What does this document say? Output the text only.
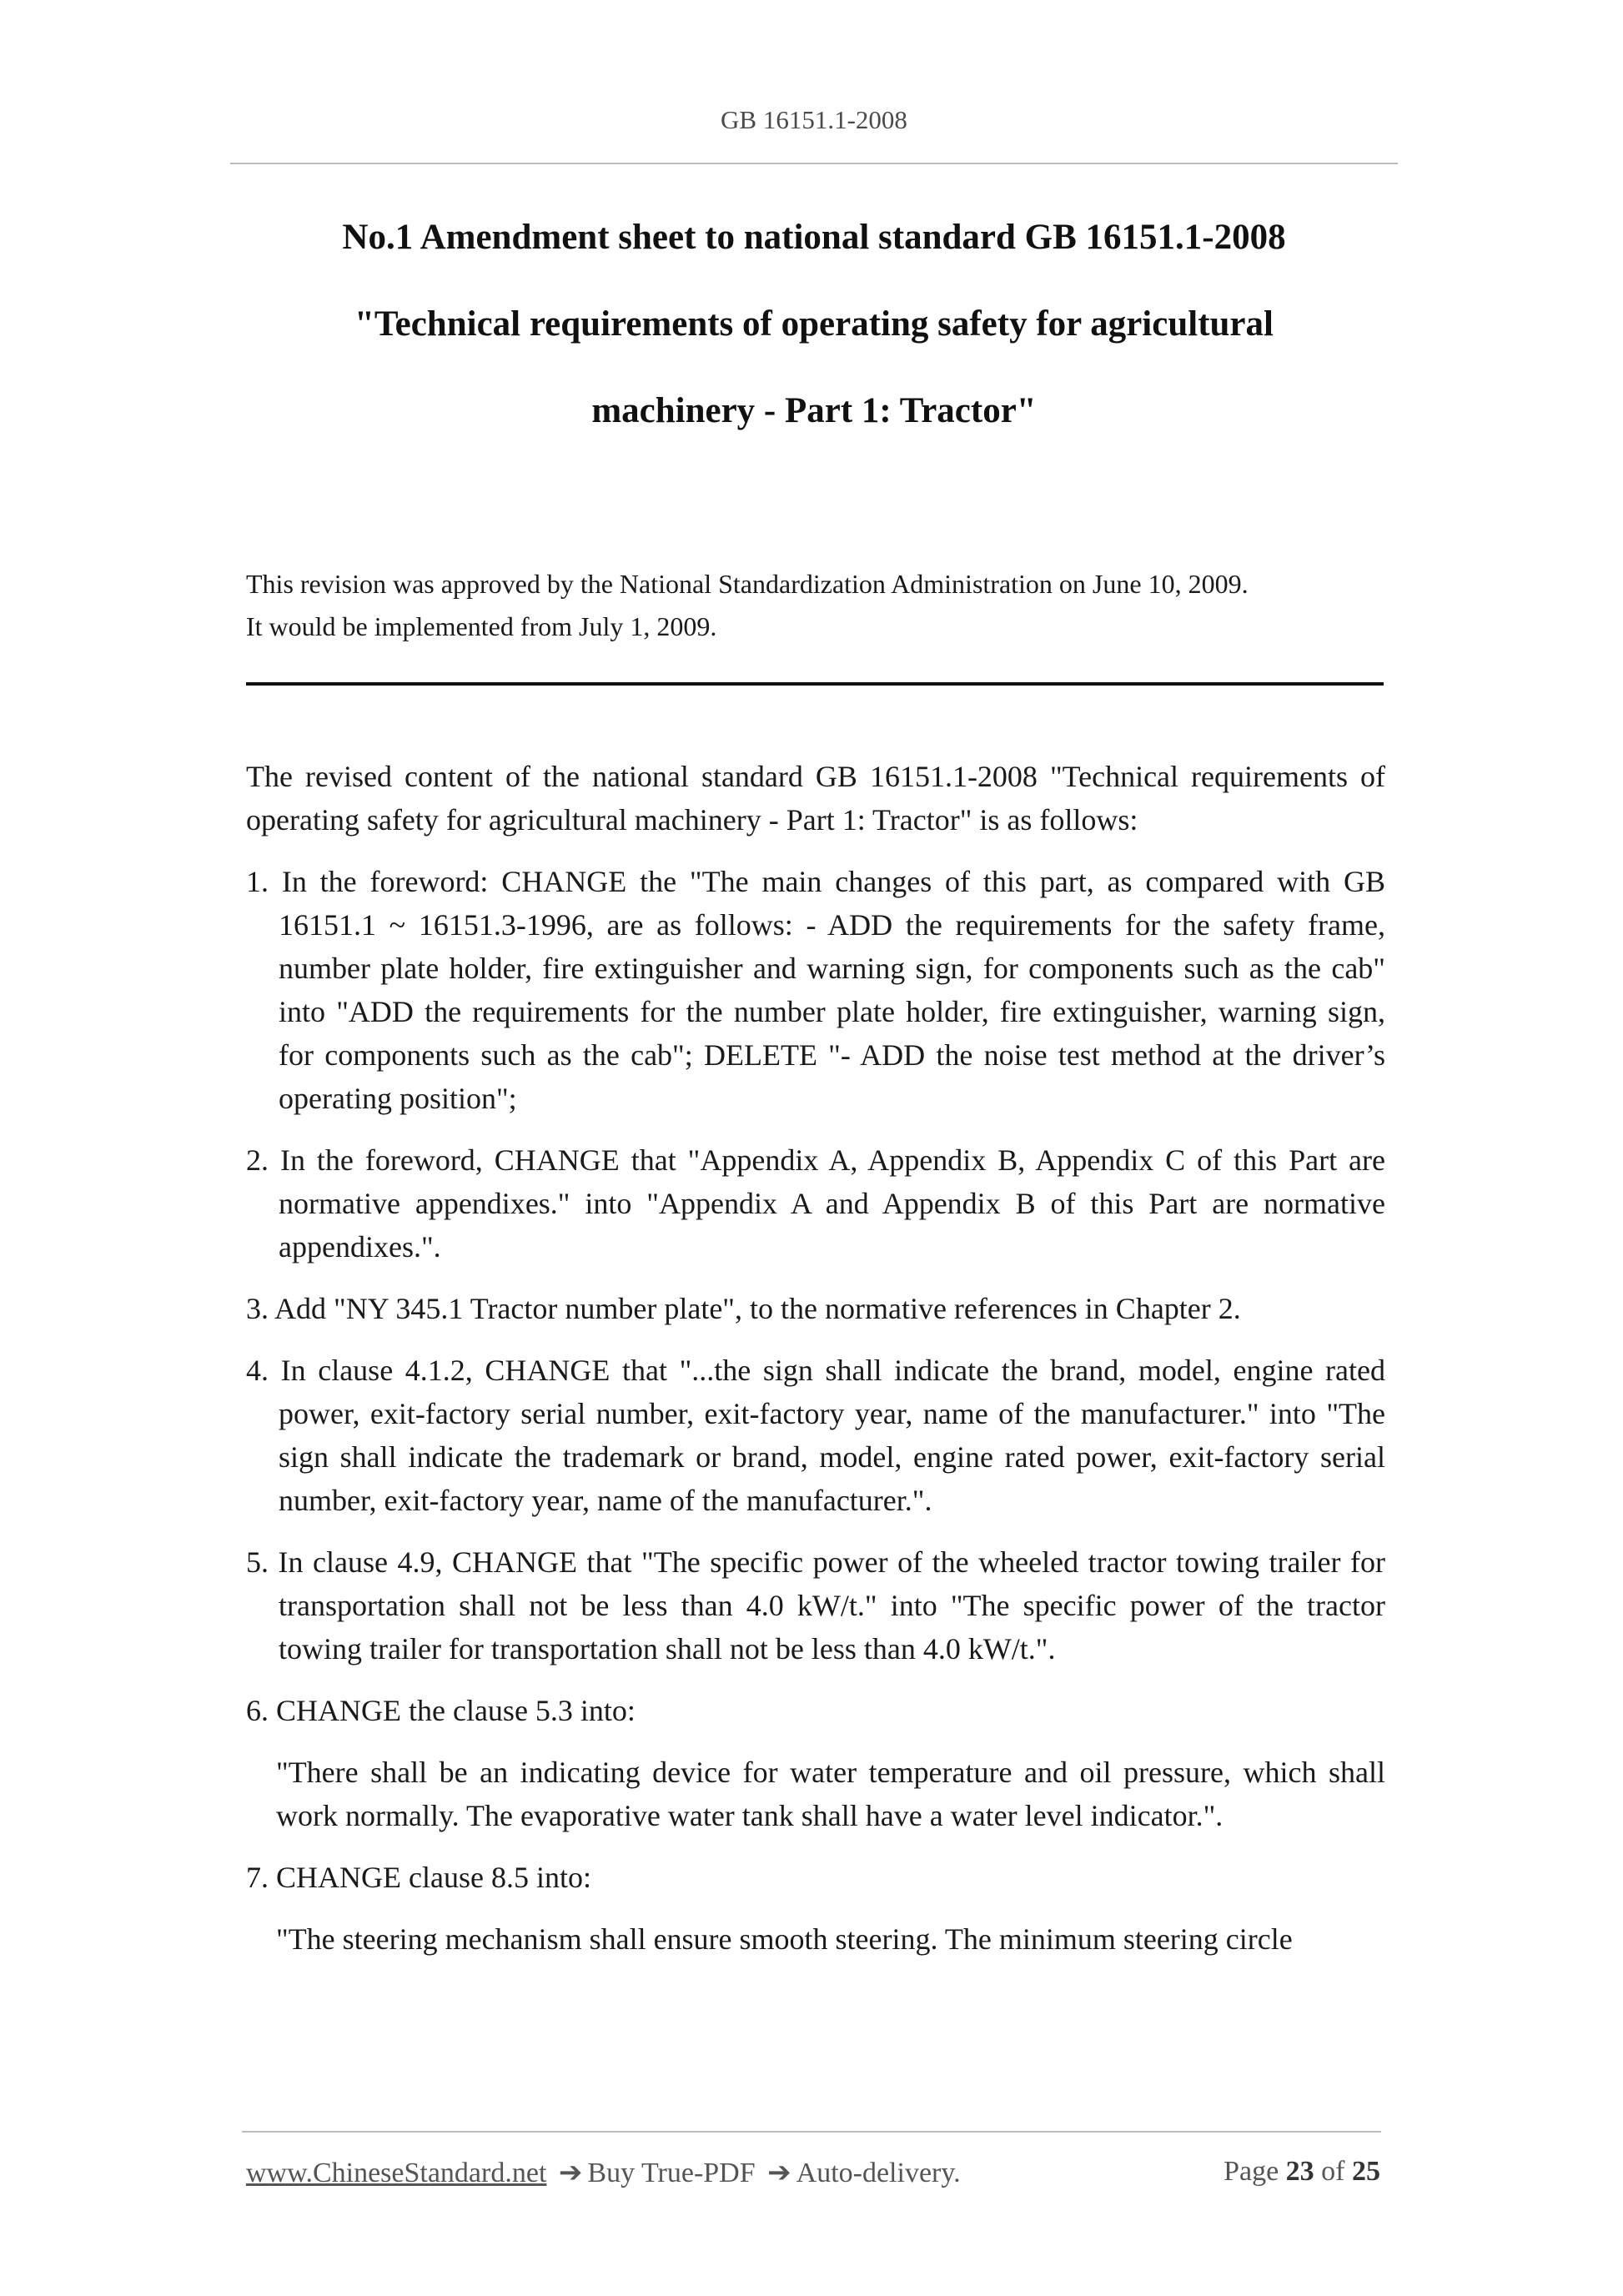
GB 16151.1-2008
No.1 Amendment sheet to national standard GB 16151.1-2008
"Technical requirements of operating safety for agricultural
machinery - Part 1: Tractor"
This revision was approved by the National Standardization Administration on June 10, 2009.
It would be implemented from July 1, 2009.

The revised content of the national standard GB 16151.1-2008 "Technical requirements of operating safety for agricultural machinery - Part 1: Tractor" is as follows:

1. In the foreword: CHANGE the "The main changes of this part, as compared with GB 16151.1 ~ 16151.3-1996, are as follows: - ADD the requirements for the safety frame, number plate holder, fire extinguisher and warning sign, for components such as the cab" into "ADD the requirements for the number plate holder, fire extinguisher, warning sign, for components such as the cab"; DELETE "- ADD the noise test method at the driver’s operating position";

2. In the foreword, CHANGE that "Appendix A, Appendix B, Appendix C of this Part are normative appendixes." into "Appendix A and Appendix B of this Part are normative appendixes.".

3. Add "NY 345.1 Tractor number plate", to the normative references in Chapter 2.

4. In clause 4.1.2, CHANGE that "...the sign shall indicate the brand, model, engine rated power, exit-factory serial number, exit-factory year, name of the manufacturer." into "The sign shall indicate the trademark or brand, model, engine rated power, exit-factory serial number, exit-factory year, name of the manufacturer.".

5. In clause 4.9, CHANGE that "The specific power of the wheeled tractor towing trailer for transportation shall not be less than 4.0 kW/t." into "The specific power of the tractor towing trailer for transportation shall not be less than 4.0 kW/t.".

6. CHANGE the clause 5.3 into:

"There shall be an indicating device for water temperature and oil pressure, which shall work normally. The evaporative water tank shall have a water level indicator.".

7. CHANGE clause 8.5 into:

"The steering mechanism shall ensure smooth steering. The minimum steering circle

www.ChineseStandard.net ➔ Buy True-PDF ➔ Auto-delivery.	Page 23 of 25
